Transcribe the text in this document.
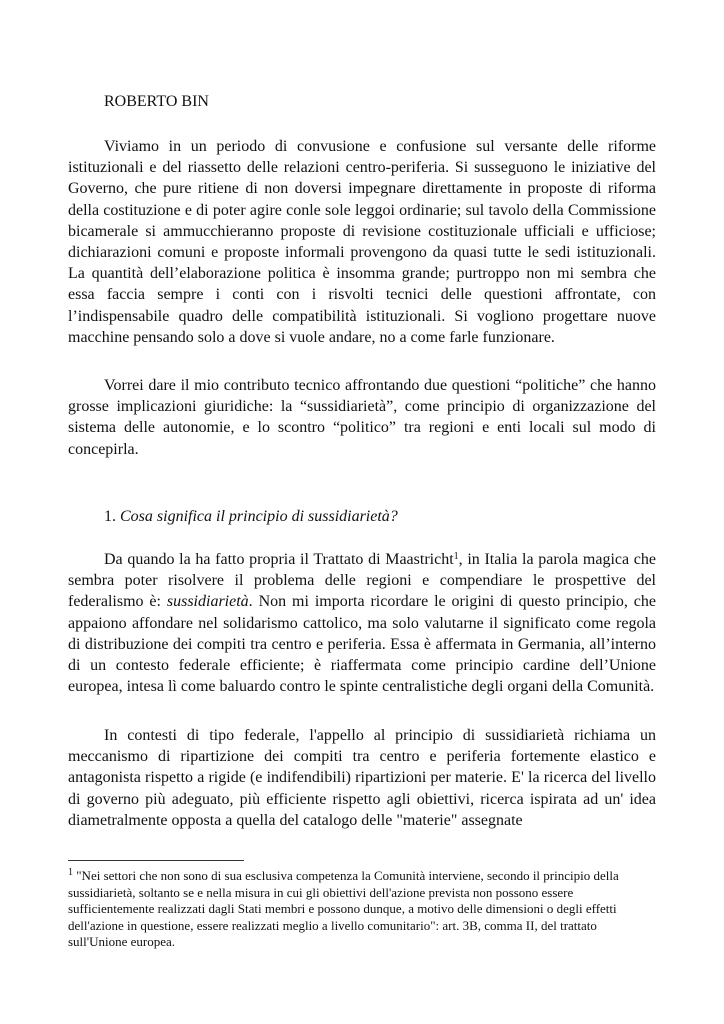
ROBERTO BIN

Viviamo in un periodo di convusione e confusione sul versante delle riforme istituzionali e del riassetto delle relazioni centro-periferia. Si susseguono le iniziative del Governo, che pure ritiene di non doversi impegnare direttamente in proposte di riforma della costituzione e di poter agire conle sole leggoi ordinarie; sul tavolo della Commissione bicamerale si ammucchieranno proposte di revisione costituzionale ufficiali e ufficiose; dichiarazioni comuni e proposte informali provengono da quasi tutte le sedi istituzionali. La quantità dell’elaborazione politica è insomma grande; purtroppo non mi sembra che essa faccia sempre i conti con i risvolti tecnici delle questioni affrontate, con l’indispensabile quadro delle compatibilità istituzionali. Si vogliono progettare nuove macchine pensando solo a dove si vuole andare, no a come farle funzionare.

Vorrei dare il mio contributo tecnico affrontando due questioni “politiche” che hanno grosse implicazioni giuridiche: la “sussidiarietà”, come principio di organizzazione del sistema delle autonomie, e lo scontro “politico” tra regioni e enti locali sul modo di concepirla.

1. Cosa significa il principio di sussidiarietà?

Da quando la ha fatto propria il Trattato di Maastricht$^1$, in Italia la parola magica che sembra poter risolvere il problema delle regioni e compendiare le prospettive del federalismo è: sussidiarietà. Non mi importa ricordare le origini di questo principio, che appaiono affondare nel solidarismo cattolico, ma solo valutarne il significato come regola di distribuzione dei compiti tra centro e periferia. Essa è affermata in Germania, all’interno di un contesto federale efficiente; è riaffermata come principio cardine dell’Unione europea, intesa lì come baluardo contro le spinte centralistiche degli organi della Comunità.

In contesti di tipo federale, l'appello al principio di sussidiarietà richiama un meccanismo di ripartizione dei compiti tra centro e periferia fortemente elastico e antagonista rispetto a rigide (e indifendibili) ripartizioni per materie. E' la ricerca del livello di governo più adeguato, più efficiente rispetto agli obiettivi, ricerca ispirata ad un' idea diametralmente opposta a quella del catalogo delle "materie" assegnate

$^1$ "Nei settori che non sono di sua esclusiva competenza la Comunità interviene, secondo il principio della sussidiarietà, soltanto se e nella misura in cui gli obiettivi dell'azione prevista non possono essere sufficientemente realizzati dagli Stati membri e possono dunque, a motivo delle dimensioni o degli effetti dell'azione in questione, essere realizzati meglio a livello comunitario": art. 3B, comma II, del trattato sull'Unione europea.
